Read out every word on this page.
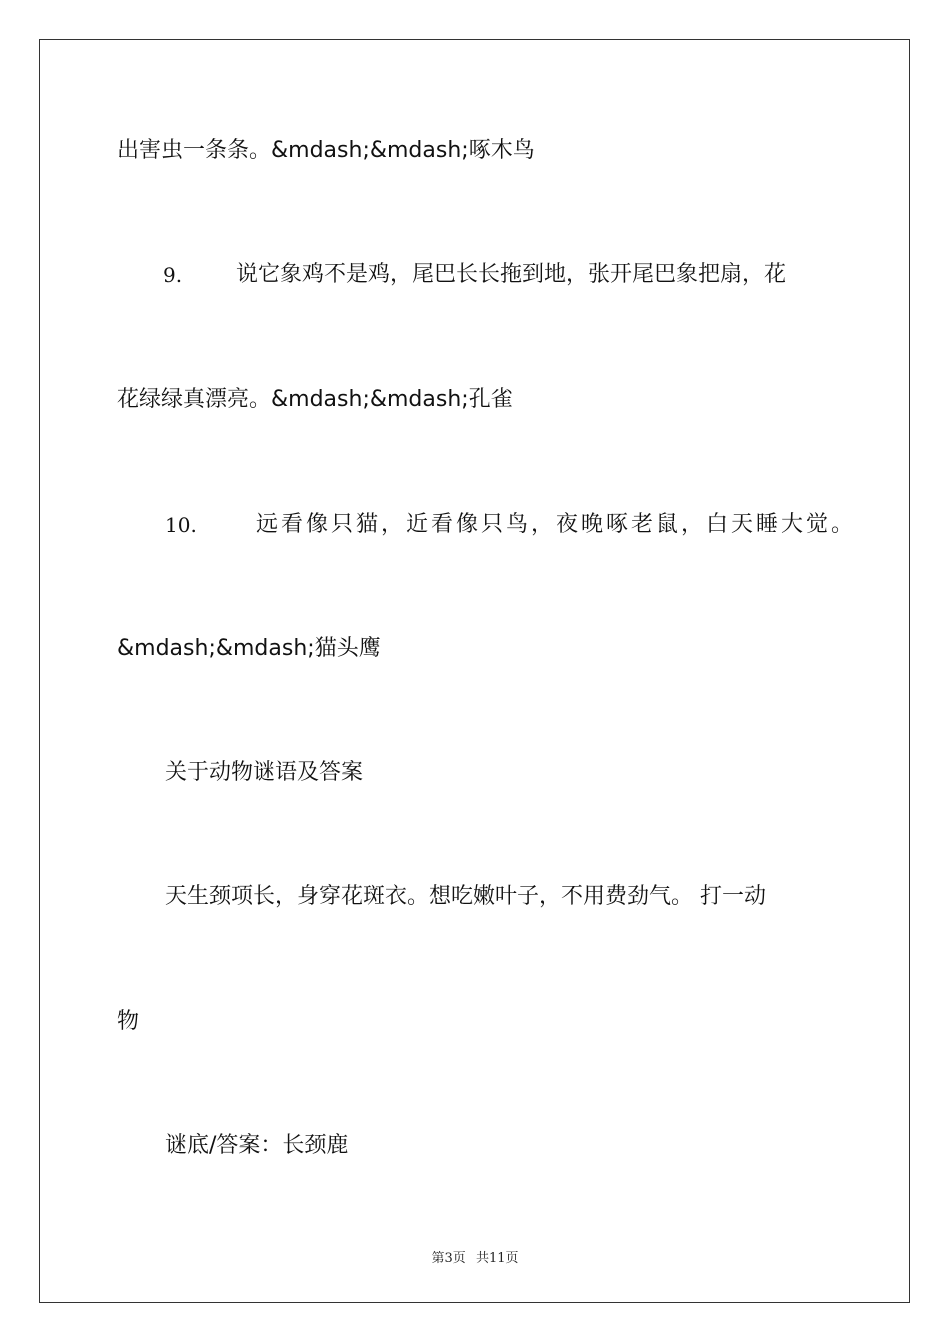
出害虫一条条。&mdash;&mdash;啄木鸟
9. 说它象鸡不是鸡，尾巴长长拖到地，张开尾巴象把扇，花
花绿绿真漂亮。&mdash;&mdash;孔雀
10.	远看像只猫，近看像只鸟，夜晚啄老鼠，白天睡大觉。
&mdash;&mdash;猫头鹰
关于动物谜语及答案
天生颈项长，身穿花斑衣。想吃嫩叶子，不用费劲气。 打一动
物
谜底/答案：长颈鹿
第3页 共11页
